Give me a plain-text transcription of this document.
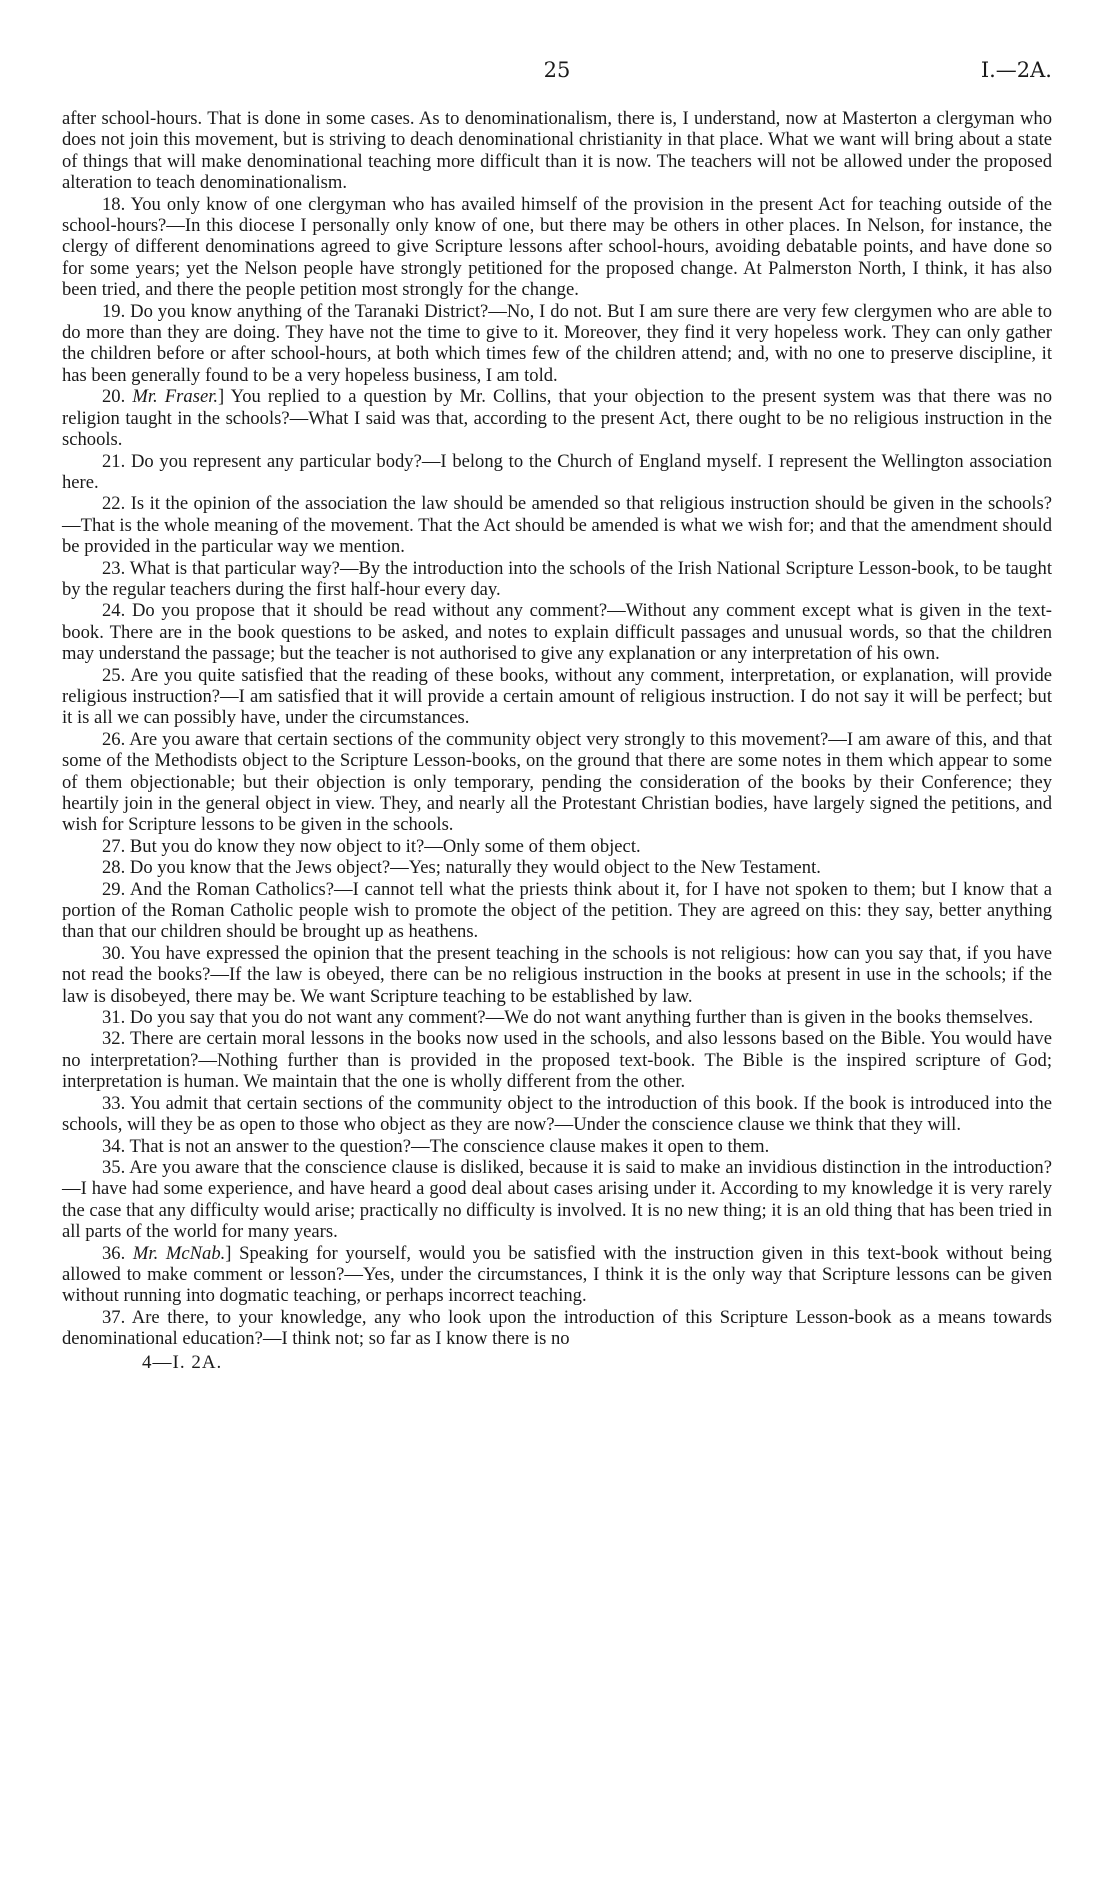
25	I.—2A.

after school-hours. That is done in some cases. As to denominationalism, there is, I understand, now at Masterton a clergyman who does not join this movement, but is striving to deach denominational christianity in that place. What we want will bring about a state of things that will make denominational teaching more difficult than it is now. The teachers will not be allowed under the proposed alteration to teach denominationalism.

18. You only know of one clergyman who has availed himself of the provision in the present Act for teaching outside of the school-hours?—In this diocese I personally only know of one, but there may be others in other places. In Nelson, for instance, the clergy of different denominations agreed to give Scripture lessons after school-hours, avoiding debatable points, and have done so for some years; yet the Nelson people have strongly petitioned for the proposed change. At Palmerston North, I think, it has also been tried, and there the people petition most strongly for the change.

19. Do you know anything of the Taranaki District?—No, I do not. But I am sure there are very few clergymen who are able to do more than they are doing. They have not the time to give to it. Moreover, they find it very hopeless work. They can only gather the children before or after school-hours, at both which times few of the children attend; and, with no one to preserve discipline, it has been generally found to be a very hopeless business, I am told.

20. Mr. Fraser.] You replied to a question by Mr. Collins, that your objection to the present system was that there was no religion taught in the schools?—What I said was that, according to the present Act, there ought to be no religious instruction in the schools.

21. Do you represent any particular body?—I belong to the Church of England myself. I represent the Wellington association here.

22. Is it the opinion of the association the law should be amended so that religious instruction should be given in the schools?—That is the whole meaning of the movement. That the Act should be amended is what we wish for; and that the amendment should be provided in the particular way we mention.

23. What is that particular way?—By the introduction into the schools of the Irish National Scripture Lesson-book, to be taught by the regular teachers during the first half-hour every day.

24. Do you propose that it should be read without any comment?—Without any comment except what is given in the text-book. There are in the book questions to be asked, and notes to explain difficult passages and unusual words, so that the children may understand the passage; but the teacher is not authorised to give any explanation or any interpretation of his own.

25. Are you quite satisfied that the reading of these books, without any comment, interpretation, or explanation, will provide religious instruction?—I am satisfied that it will provide a certain amount of religious instruction. I do not say it will be perfect; but it is all we can possibly have, under the circumstances.

26. Are you aware that certain sections of the community object very strongly to this movement?—I am aware of this, and that some of the Methodists object to the Scripture Lesson-books, on the ground that there are some notes in them which appear to some of them objectionable; but their objection is only temporary, pending the consideration of the books by their Conference; they heartily join in the general object in view. They, and nearly all the Protestant Christian bodies, have largely signed the petitions, and wish for Scripture lessons to be given in the schools.

27. But you do know they now object to it?—Only some of them object.

28. Do you know that the Jews object?—Yes; naturally they would object to the New Testament.

29. And the Roman Catholics?—I cannot tell what the priests think about it, for I have not spoken to them; but I know that a portion of the Roman Catholic people wish to promote the object of the petition. They are agreed on this: they say, better anything than that our children should be brought up as heathens.

30. You have expressed the opinion that the present teaching in the schools is not religious: how can you say that, if you have not read the books?—If the law is obeyed, there can be no religious instruction in the books at present in use in the schools; if the law is disobeyed, there may be. We want Scripture teaching to be established by law.

31. Do you say that you do not want any comment?—We do not want anything further than is given in the books themselves.

32. There are certain moral lessons in the books now used in the schools, and also lessons based on the Bible. You would have no interpretation?—Nothing further than is provided in the proposed text-book. The Bible is the inspired scripture of God; interpretation is human. We maintain that the one is wholly different from the other.

33. You admit that certain sections of the community object to the introduction of this book. If the book is introduced into the schools, will they be as open to those who object as they are now?—Under the conscience clause we think that they will.

34. That is not an answer to the question?—The conscience clause makes it open to them.

35. Are you aware that the conscience clause is disliked, because it is said to make an invidious distinction in the introduction?—I have had some experience, and have heard a good deal about cases arising under it. According to my knowledge it is very rarely the case that any difficulty would arise; practically no difficulty is involved. It is no new thing; it is an old thing that has been tried in all parts of the world for many years.

36. Mr. McNab.] Speaking for yourself, would you be satisfied with the instruction given in this text-book without being allowed to make comment or lesson?—Yes, under the circumstances, I think it is the only way that Scripture lessons can be given without running into dogmatic teaching, or perhaps incorrect teaching.

37. Are there, to your knowledge, any who look upon the introduction of this Scripture Lesson-book as a means towards denominational education?—I think not; so far as I know there is no

4—I. 2A.
